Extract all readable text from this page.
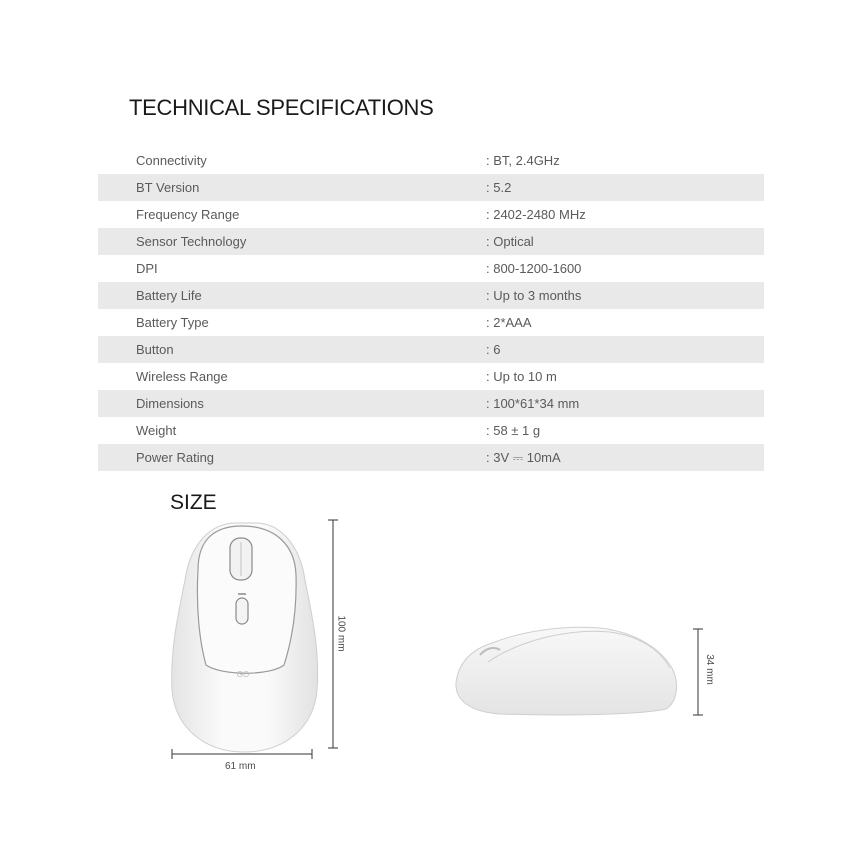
TECHNICAL SPECIFICATIONS
Connectivity	: BT, 2.4GHz
BT Version	: 5.2
Frequency Range	: 2402-2480 MHz
Sensor Technology	: Optical
DPI	: 800-1200-1600
Battery Life	: Up to 3 months
Battery Type	: 2*AAA
Button	: 6
Wireless Range	: Up to 10 m
Dimensions	: 100*61*34 mm
Weight	: 58 ± 1 g
Power Rating	: 3V ⎓ 10mA
SIZE
GO
100 mm
61 mm
34 mm
